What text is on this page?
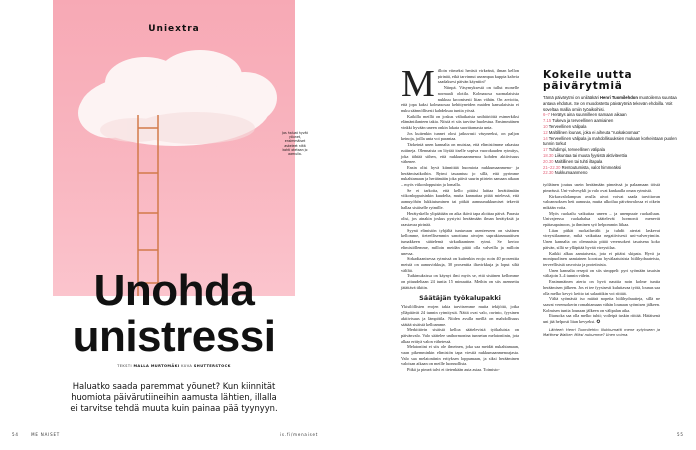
Uniextra
Jos haluat hyvät yöunet, ensimmäiset askeleet niitä kohti otetaan jo aamulla.
Unohda
unistressi
TEKSTI MALLA MURTOMÄKI KUVA SHUTTERSTOCK
Haluatko saada paremmat yöunet? Kun kiinnität huomiota päivärutiineihin aamusta lähtien, illalla ei tarvitse tehdä muuta kuin painaa pää tyynyyn.
54	ME NAISET	is.fi/menaiset	55
M illoin viimeksi heräsit virkeänä, ilman kellon pirinää, etkä tarvinnut useampaa kuppia kahvia saadaksesi päivän käyntiin?

Niinpä. Väsymyksestä on tullut monelle normaali olotila. Kolmasosa suomalaisista nukkuu kroonisesti liian vähän. On arvioitu, että jopa kaksi kolmasosaa kehittyneiden maiden kansalaisista ei nuku säännöllisesti kahdeksaa tuntia yössä.

Kaikilla meillä on joskus väliaikaisia unihäiriöitä esimerkiksi elämäntilanteen takia. Niistä ei siis tarvitse huolestua. Ensimmäinen vinkki hyvään uneen onkin lakata suorittamasta unta.

Jos kuitenkin tunnet olosi jatkuvasti väsyneeksi, on paljon keinoja, joilla unta voi parantaa.

Tärkeintä unen kannalta on muistaa, että elimistömme rakastaa rutiineja. Olennaista on löytää itselle sopiva vuorokauden rytmitys, joka tähtää siihen, että nukkumaanmenoa kohden aktiivisuus vähenee.

Ensin olisi hyvä kiinnittää huomiota nukkumaanmeno- ja heräämisaikoihin. Rytmi tasaantuu jo sillä, että pyrimme nukahtamaan ja heräämään joka päivä suurin piirtein samaan aikaan – myös viikonloppuisin ja lomalla.

Se ei tarkoita, että kello pitäisi laittaa herättämään viikonloppuisinkin kuudelta, mutta kannattaa pitää mielessä, että aamuyöhön lukkiutuminen tai pitkät aamuunukkumiset tekevät hallaa sisäiselle rytmille.

Herätyskello ylipäätään on aika ikävä tapa aloittaa päivä. Parasta olisi, jos ainakin joskus pystyisi heräämään ilman herätyksiä ja raastavaa pirinää.

Syynä elimistön tyhjältä tuntuvaan asenteeseen on sisäinen kellomme, tieteellisemmin sanottuna aivojen suprakiasmaattisen tumakkeen säätelemä sirkadiaaninen rytmi. Se kertoo elimistöllemme, milloin meidän pitää olla valveilla ja milloin unessa.

Sirkadiaanisessa rytmissä on kuitenkin eroja: noin 40 prosenttia meistä on aamuvirkkuja, 30 prosenttia iltavirkkuja ja loput siltä väliltä.

Tutkimuksissa on käynyt ilmi myös se, että sisäinen kellomme on pituudeltaan 24 tuntia 15 minuuttia. Meihin on siis asennettu jätättävä tikitin.

Säätäjän työkalupakki

Ykisilöllisten erojen takia tarvitsemme muita tekijöitä, jotka ylläpitävät 24 tunnin rytmitystä. Näitä ovat valo, ravinto, fyysinen aktiivisuus ja lämpötila. Niiden avulla meillä on mahdollisuus säätää sisäistä kelloamme.

Merkittävin sisäistä kelloa säätelevistä työkaluista on päivänvalo. Valo säätelee unihormonina tunnetun melatoniinin, jota alkaa erittyä valon vähetessä.

Melatoniini ei siis ole ilmeinen, joka saa meidät nukahtamaan, vaan pikemminkin elimistön tapa viestiä nukkumaanmenoajasta. Valo saa melatoniinin erityksen loppumaan, ja siksi herääminen valoisan aikaan on meille luonnollista.

Pitkä ja pimeä talvi ei tietenkään auta asiaa. Toimisto-

Kokeile uutta päivärytmiä
Tämä päivärytmi on unilääkäri Henri Tuomilehdon muotoilema suuntaa antava ehdotus. Se on muodostettu päivärytmiä tekevän ehdoilla. Voit soveltaa mallia omiin työaikoihisi.
6–7 Herätys aina suunnilleen samaan aikaan
7.15 Tukeva ja terveellinen aamiainen
10 Terveellinen välipala
12 Maltillinen lounas, joka ei aiheuta "ruokakoomaa"
14 Terveellinen välipala ja mahdollisuuksien mukaan korkeintaan puolen tunnin torkut
17 Tuhdimpi, terveellinen välipala
18.30 Liikuntaa tai muuta fyysistä aktiviteettia
20.30 Maltillinen tai tuhti iltapala
21–22.30 Rentoutumista, valot himmeäksi
22.30 Nukkumaanmeno

työläinen joutuu usein heräämään pimeässä ja palaamaan töistä pimeässä. Uni-valvesykli ja valo ovat kankaalla oman rytmistä.

Kirkasvalolampun avulla aivot voivat saada tarvittavan valoannoksen heti aamusta, mutta ulkoilua päivänvalossa ei oikein mikään voita.

Myös ruokailu vaikuttaa uneen – ja unenpuute ruokailuun. Univajeessa ruokahalua säätelevät hormonit menevät epätasapainoon, ja ihminen syö helpommin liikaa.

Liian pitkät ruokailuvälit ja tuhdit ateriat laskevat vireystilaamme, mikä vaikuttaa negatiivisesti uni-valverytmiin. Unen kannalta on olennaista pitää verensokeri tasaisena koko päivän, sillä se ylläpitää hyvää vireystilaa.

Kaikki alkaa aamiaisesta, jota ei pitäisi skipata. Hyvä ja monipuolinen aamiainen koostuu hyvälaatuisista hiilihydraateista, terveellisistä rasvoista ja proteiinista.

Unen kannalta resepti on siis simppeli: pyri syömään tasaisin väliajoin 3–4 tunnin välein.

Ensimmäinen ateria on hyvä nauttia noin kolme tuntia heräämisen jälkeen. Jos et tee fyysisesti kuluttavaa työtä, lounas saa olla melko kevyt: keitto tai salaattikin voi riittää.

Vältä syömästä iso määrä nopeita hiilihydraatteja, sillä ne saavat verensokerin romahtamaan vähän lounaan syömisen jälkeen. Kolmisen tuntia lounaan jälkeen on välipalan aika.

Iltaruoka saa olla melko tuhti; voileipä tuskin riittää. Hätäisenä uni jää helposti liian kevyeksi. ✪

Lähteet: Henri Tuomilehto: Nukkumatti mene sytykseen ja Matthew Walker: Miksi nukumme? Unen voima.
